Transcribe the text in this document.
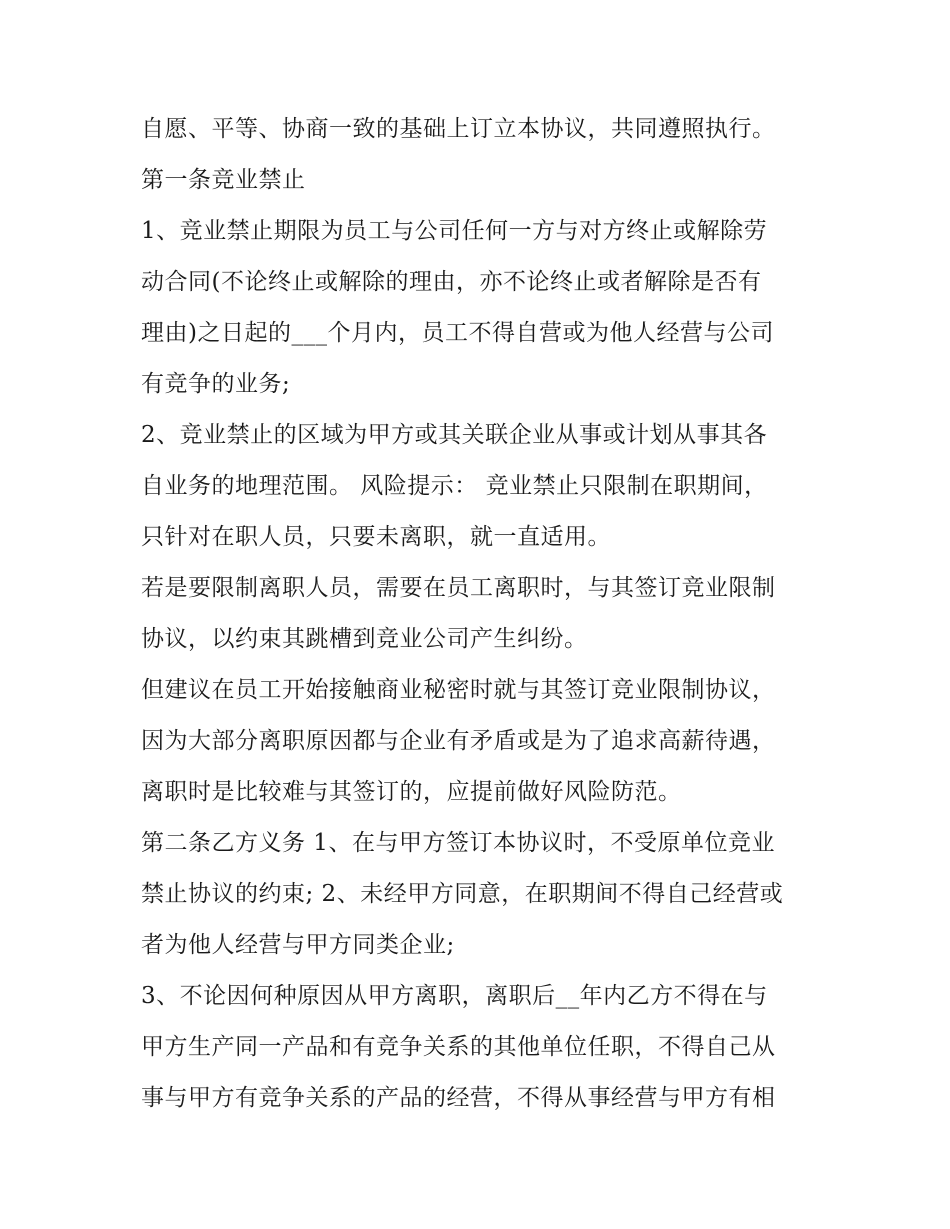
自愿、平等、协商一致的基础上订立本协议，共同遵照执行。

第一条竞业禁止

1、竞业禁止期限为员工与公司任何一方与对方终止或解除劳
动合同(不论终止或解除的理由，亦不论终止或者解除是否有
理由)之日起的___个月内，员工不得自营或为他人经营与公司
有竞争的业务;

2、竞业禁止的区域为甲方或其关联企业从事或计划从事其各
自业务的地理范围。 风险提示： 竞业禁止只限制在职期间，
只针对在职人员，只要未离职，就一直适用。

若是要限制离职人员，需要在员工离职时，与其签订竞业限制
协议，以约束其跳槽到竞业公司产生纠纷。

但建议在员工开始接触商业秘密时就与其签订竞业限制协议，
因为大部分离职原因都与企业有矛盾或是为了追求高薪待遇，
离职时是比较难与其签订的，应提前做好风险防范。

第二条乙方义务 1、在与甲方签订本协议时，不受原单位竞业
禁止协议的约束; 2、未经甲方同意，在职期间不得自己经营或
者为他人经营与甲方同类企业;

3、不论因何种原因从甲方离职，离职后__年内乙方不得在与
甲方生产同一产品和有竞争关系的其他单位任职，不得自己从
事与甲方有竞争关系的产品的经营，不得从事经营与甲方有相
